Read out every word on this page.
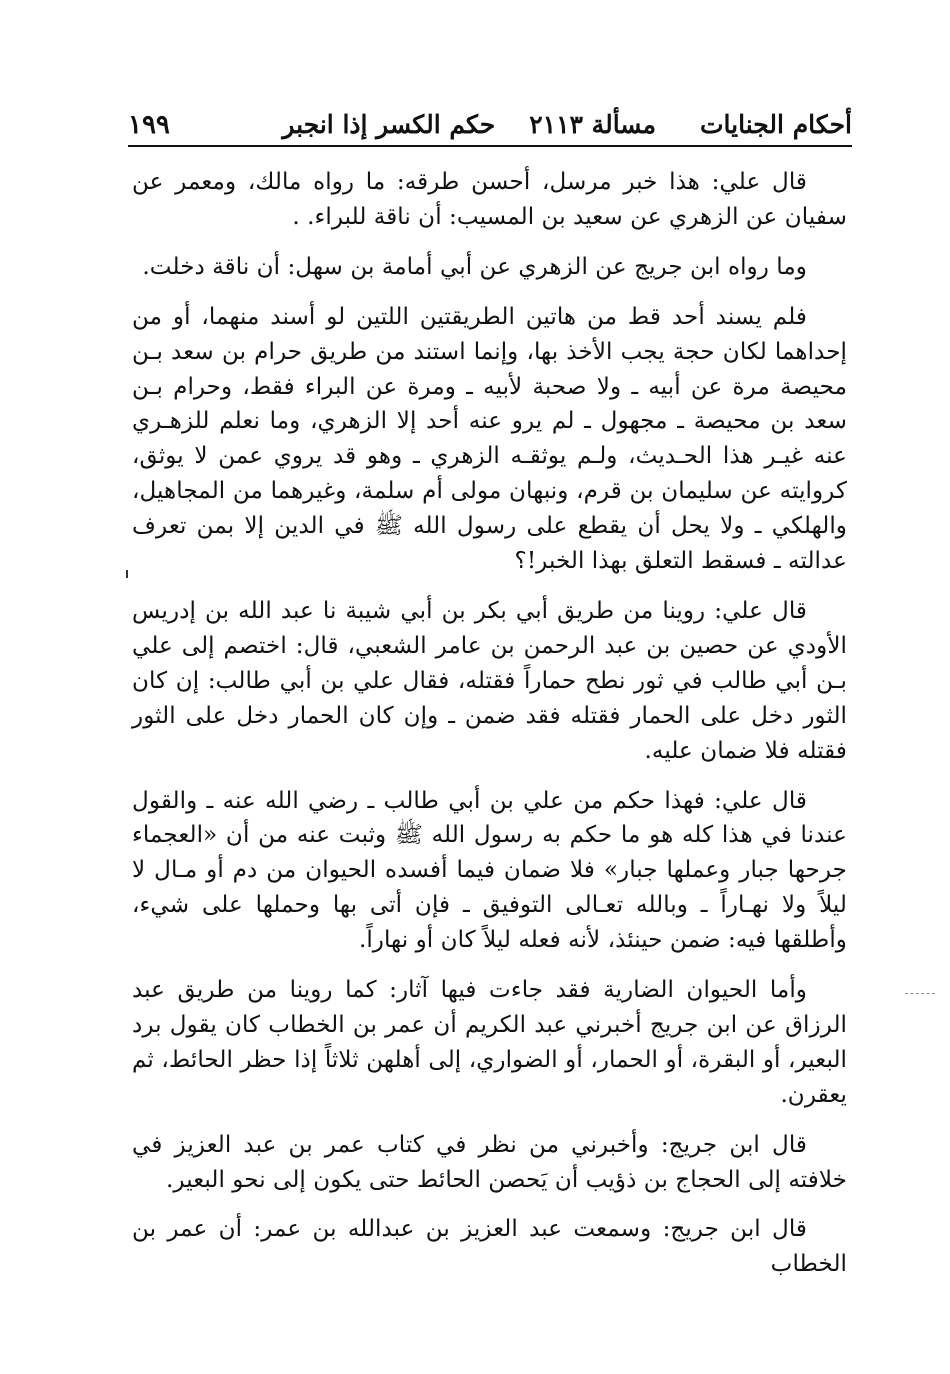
أحكام الجنايات
مسألة ٢١١٣
حكم الكسر إذا انجبر
١٩٩

قال علي: هذا خبر مرسل، أحسن طرقه: ما رواه مالك، ومعمر عن سفيان عن الزهري عن سعيد بن المسيب: أن ناقة للبراء. .

وما رواه ابن جريج عن الزهري عن أبي أمامة بن سهل: أن ناقة دخلت.

فلم يسند أحد قط من هاتين الطريقتين اللتين لو أسند منهما، أو من إحداهما لكان حجة يجب الأخذ بها، وإنما استند من طريق حرام بن سعد بـن محيصة مرة عن أبيه ـ ولا صحبة لأبيه ـ ومرة عن البراء فقط، وحرام بـن سعد بن محيصة ـ مجهول ـ لم يرو عنه أحد إلا الزهري، وما نعلم للزهـري عنه غيـر هذا الحـديث، ولـم يوثقـه الزهري ـ وهو قد يروي عمن لا يوثق، كروايته عن سليمان بن قرم، ونبهان مولى أم سلمة، وغيرهما من المجاهيل، والهلكي ـ ولا يحل أن يقطع على رسول الله ﷺ في الدين إلا بمن تعرف عدالته ـ فسقط التعلق بهذا الخبر!؟

قال علي: روينا من طريق أبي بكر بن أبي شيبة نا عبد الله بن إدريس الأودي عن حصين بن عبد الرحمن بن عامر الشعبي، قال: اختصم إلى علي بـن أبي طالب في ثور نطح حماراً فقتله، فقال علي بن أبي طالب: إن كان الثور دخل على الحمار فقتله فقد ضمن ـ وإن كان الحمار دخل على الثور فقتله فلا ضمان عليه.

قال علي: فهذا حكم من علي بن أبي طالب ـ رضي الله عنه ـ والقول عندنا في هذا كله هو ما حكم به رسول الله ﷺ وثبت عنه من أن «العجماء جرحها جبار وعملها جبار» فلا ضمان فيما أفسده الحيوان من دم أو مـال لا ليلاً ولا نهـاراً ـ وبالله تعـالى التوفيق ـ فإن أتى بها وحملها على شيء، وأطلقها فيه: ضمن حينئذ، لأنه فعله ليلاً كان أو نهاراً.

وأما الحيوان الضارية فقد جاءت فيها آثار: كما روينا من طريق عبد الرزاق عن ابن جريج أخبرني عبد الكريم أن عمر بن الخطاب كان يقول برد البعير، أو البقرة، أو الحمار، أو الضواري، إلى أهلهن ثلاثاً إذا حظر الحائط، ثم يعقرن.

قال ابن جريج: وأخبرني من نظر في كتاب عمر بن عبد العزيز في خلافته إلى الحجاج بن ذؤيب أن يَحصن الحائط حتى يكون إلى نحو البعير.

قال ابن جريج: وسمعت عبد العزيز بن عبدالله بن عمر: أن عمر بن الخطاب
